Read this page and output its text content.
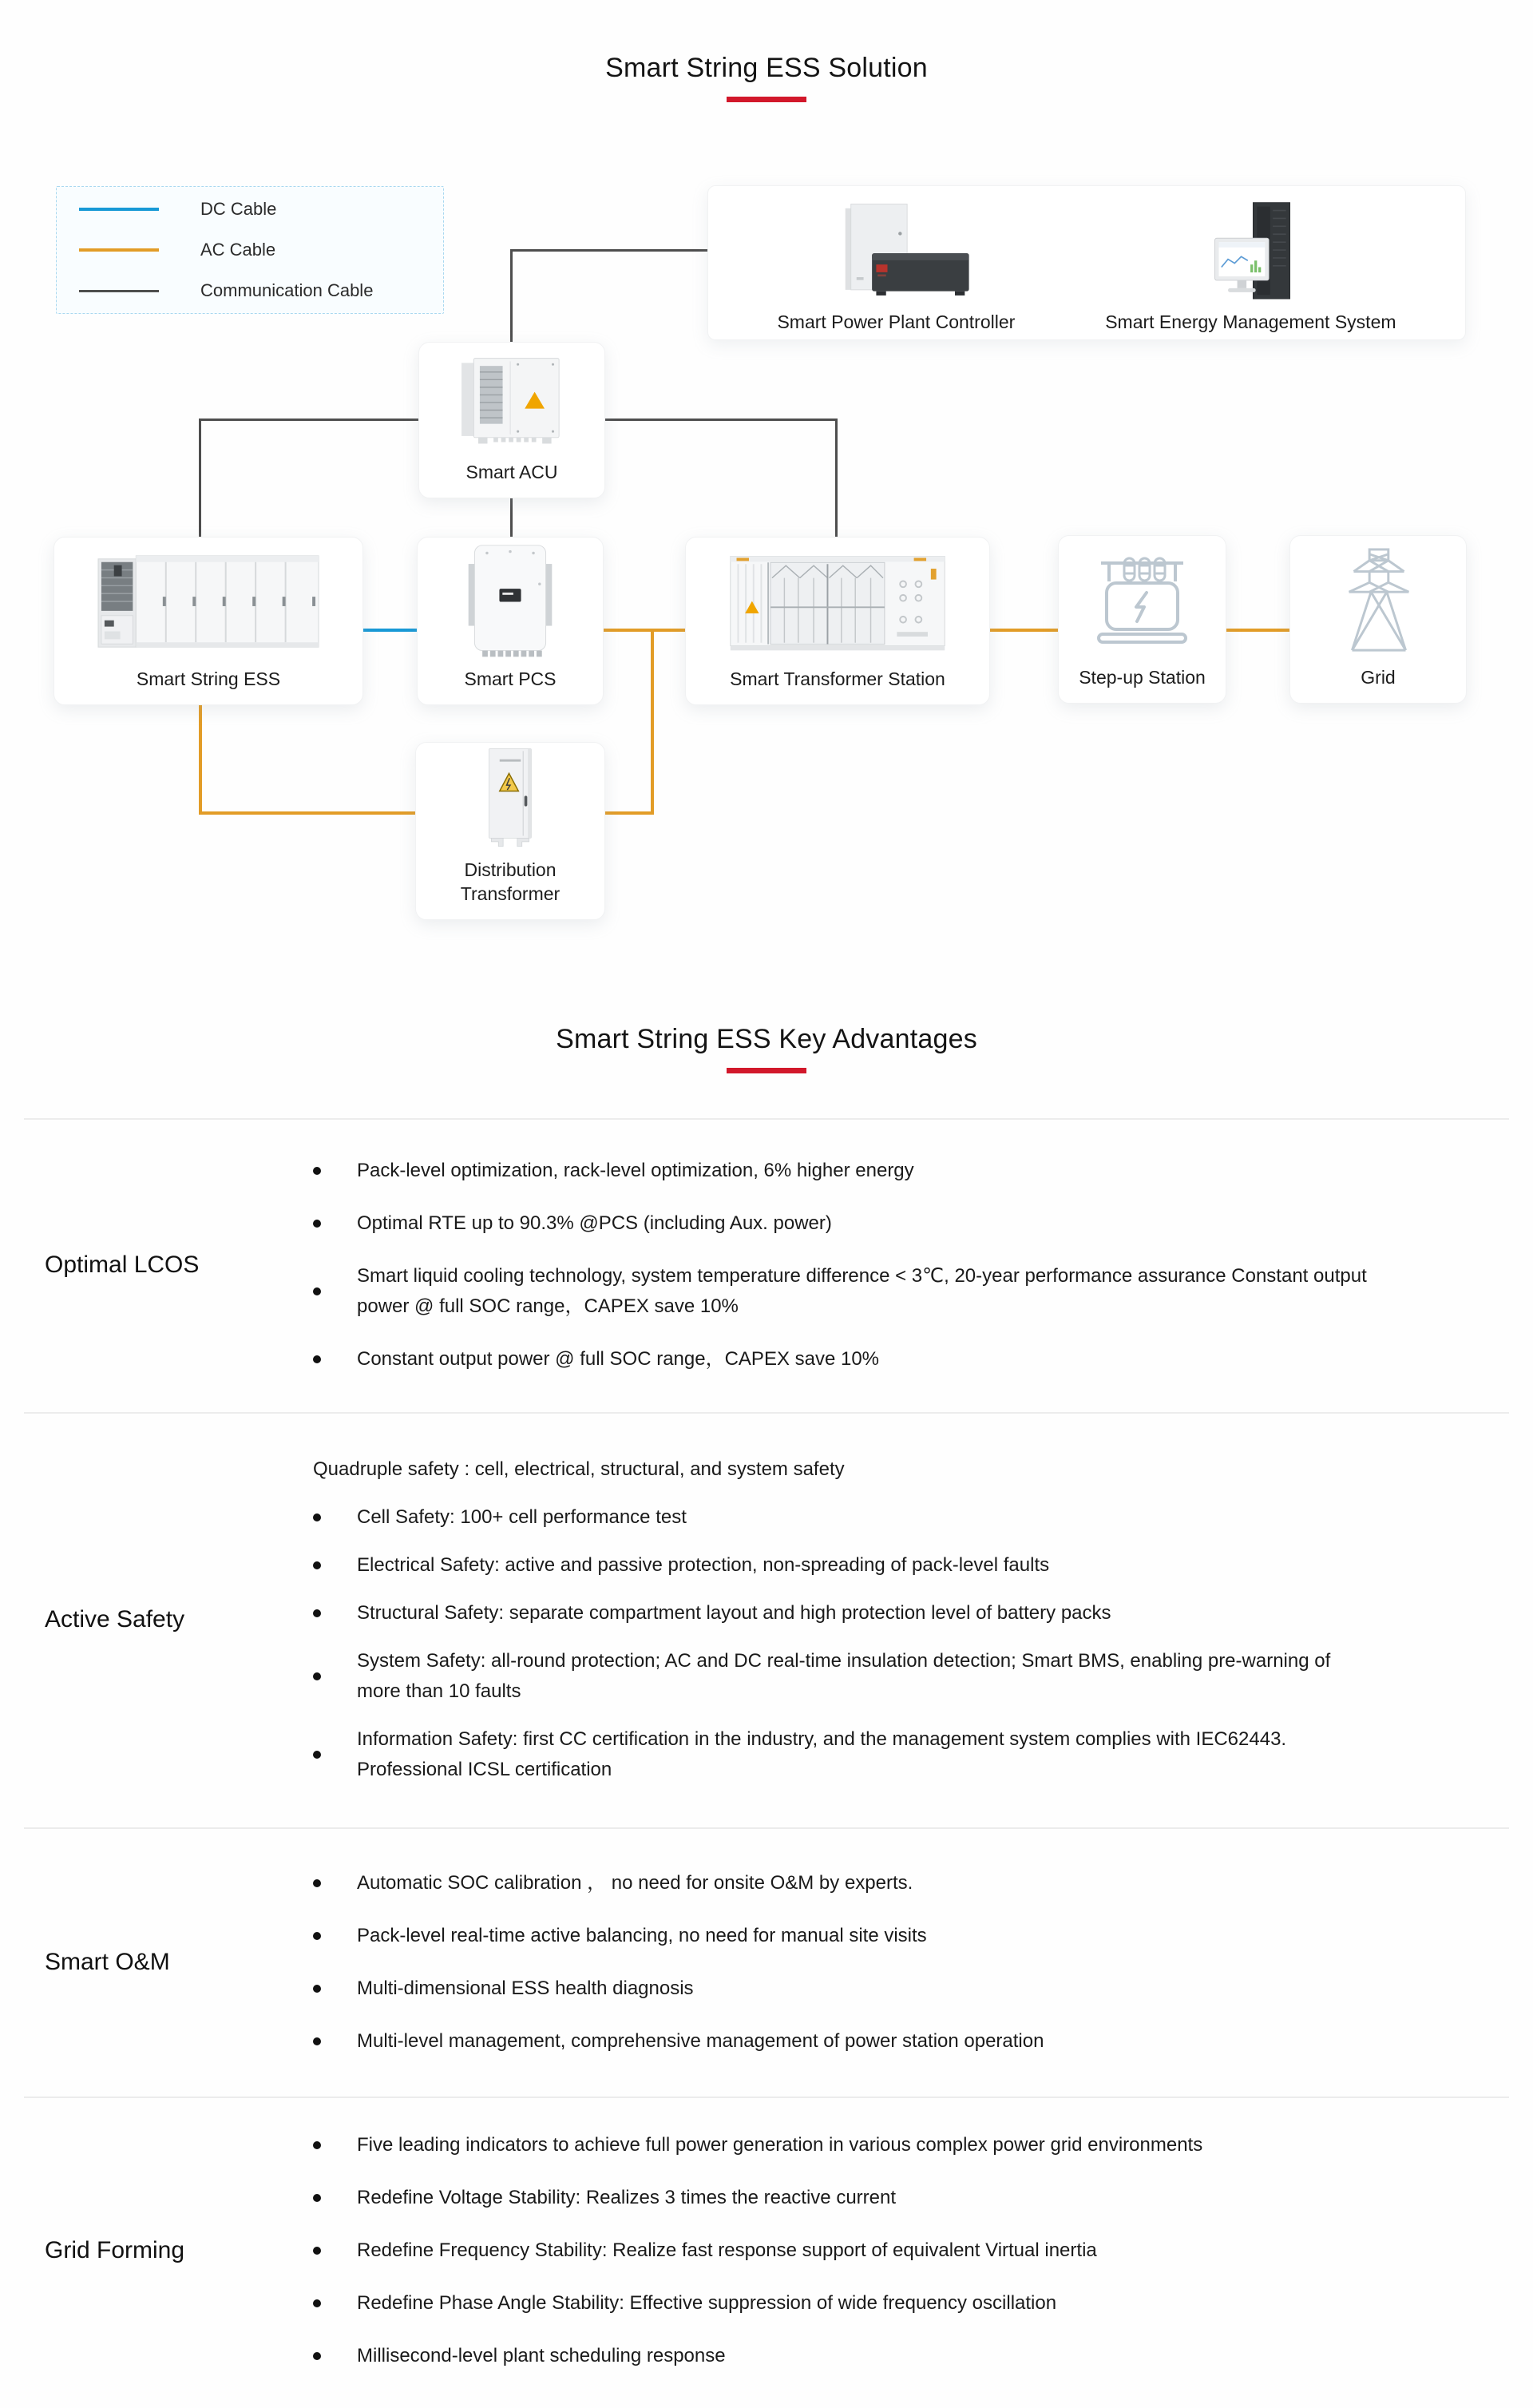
Smart String ESS Solution
DC Cable
AC Cable
Communication Cable
Smart Power Plant Controller	Smart Energy Management System
Smart ACU
Smart String ESS	Smart PCS	Smart Transformer Station	Step-up Station	Grid
Distribution Transformer
Smart String ESS Key Advantages
Optimal LCOS
Pack-level optimization, rack-level optimization, 6% higher energy
Optimal RTE up to 90.3% @PCS (including Aux. power)
Smart liquid cooling technology, system temperature difference < 3℃, 20-year performance assurance Constant output power @ full SOC range，CAPEX save 10%
Constant output power @ full SOC range，CAPEX save 10%
Active Safety
Quadruple safety : cell, electrical, structural, and system safety
Cell Safety: 100+ cell performance test
Electrical Safety: active and passive protection, non-spreading of pack-level faults
Structural Safety: separate compartment layout and high protection level of battery packs
System Safety: all-round protection; AC and DC real-time insulation detection; Smart BMS, enabling pre-warning of more than 10 faults
Information Safety: first CC certification in the industry, and the management system complies with IEC62443. Professional ICSL certification
Smart O&M
Automatic SOC calibration ， no need for onsite O&M by experts.
Pack-level real-time active balancing, no need for manual site visits
Multi-dimensional ESS health diagnosis
Multi-level management, comprehensive management of power station operation
Grid Forming
Five leading indicators to achieve full power generation in various complex power grid environments
Redefine Voltage Stability: Realizes 3 times the reactive current
Redefine Frequency Stability: Realize fast response support of equivalent Virtual inertia
Redefine Phase Angle Stability: Effective suppression of wide frequency oscillation
Millisecond-level plant scheduling response
